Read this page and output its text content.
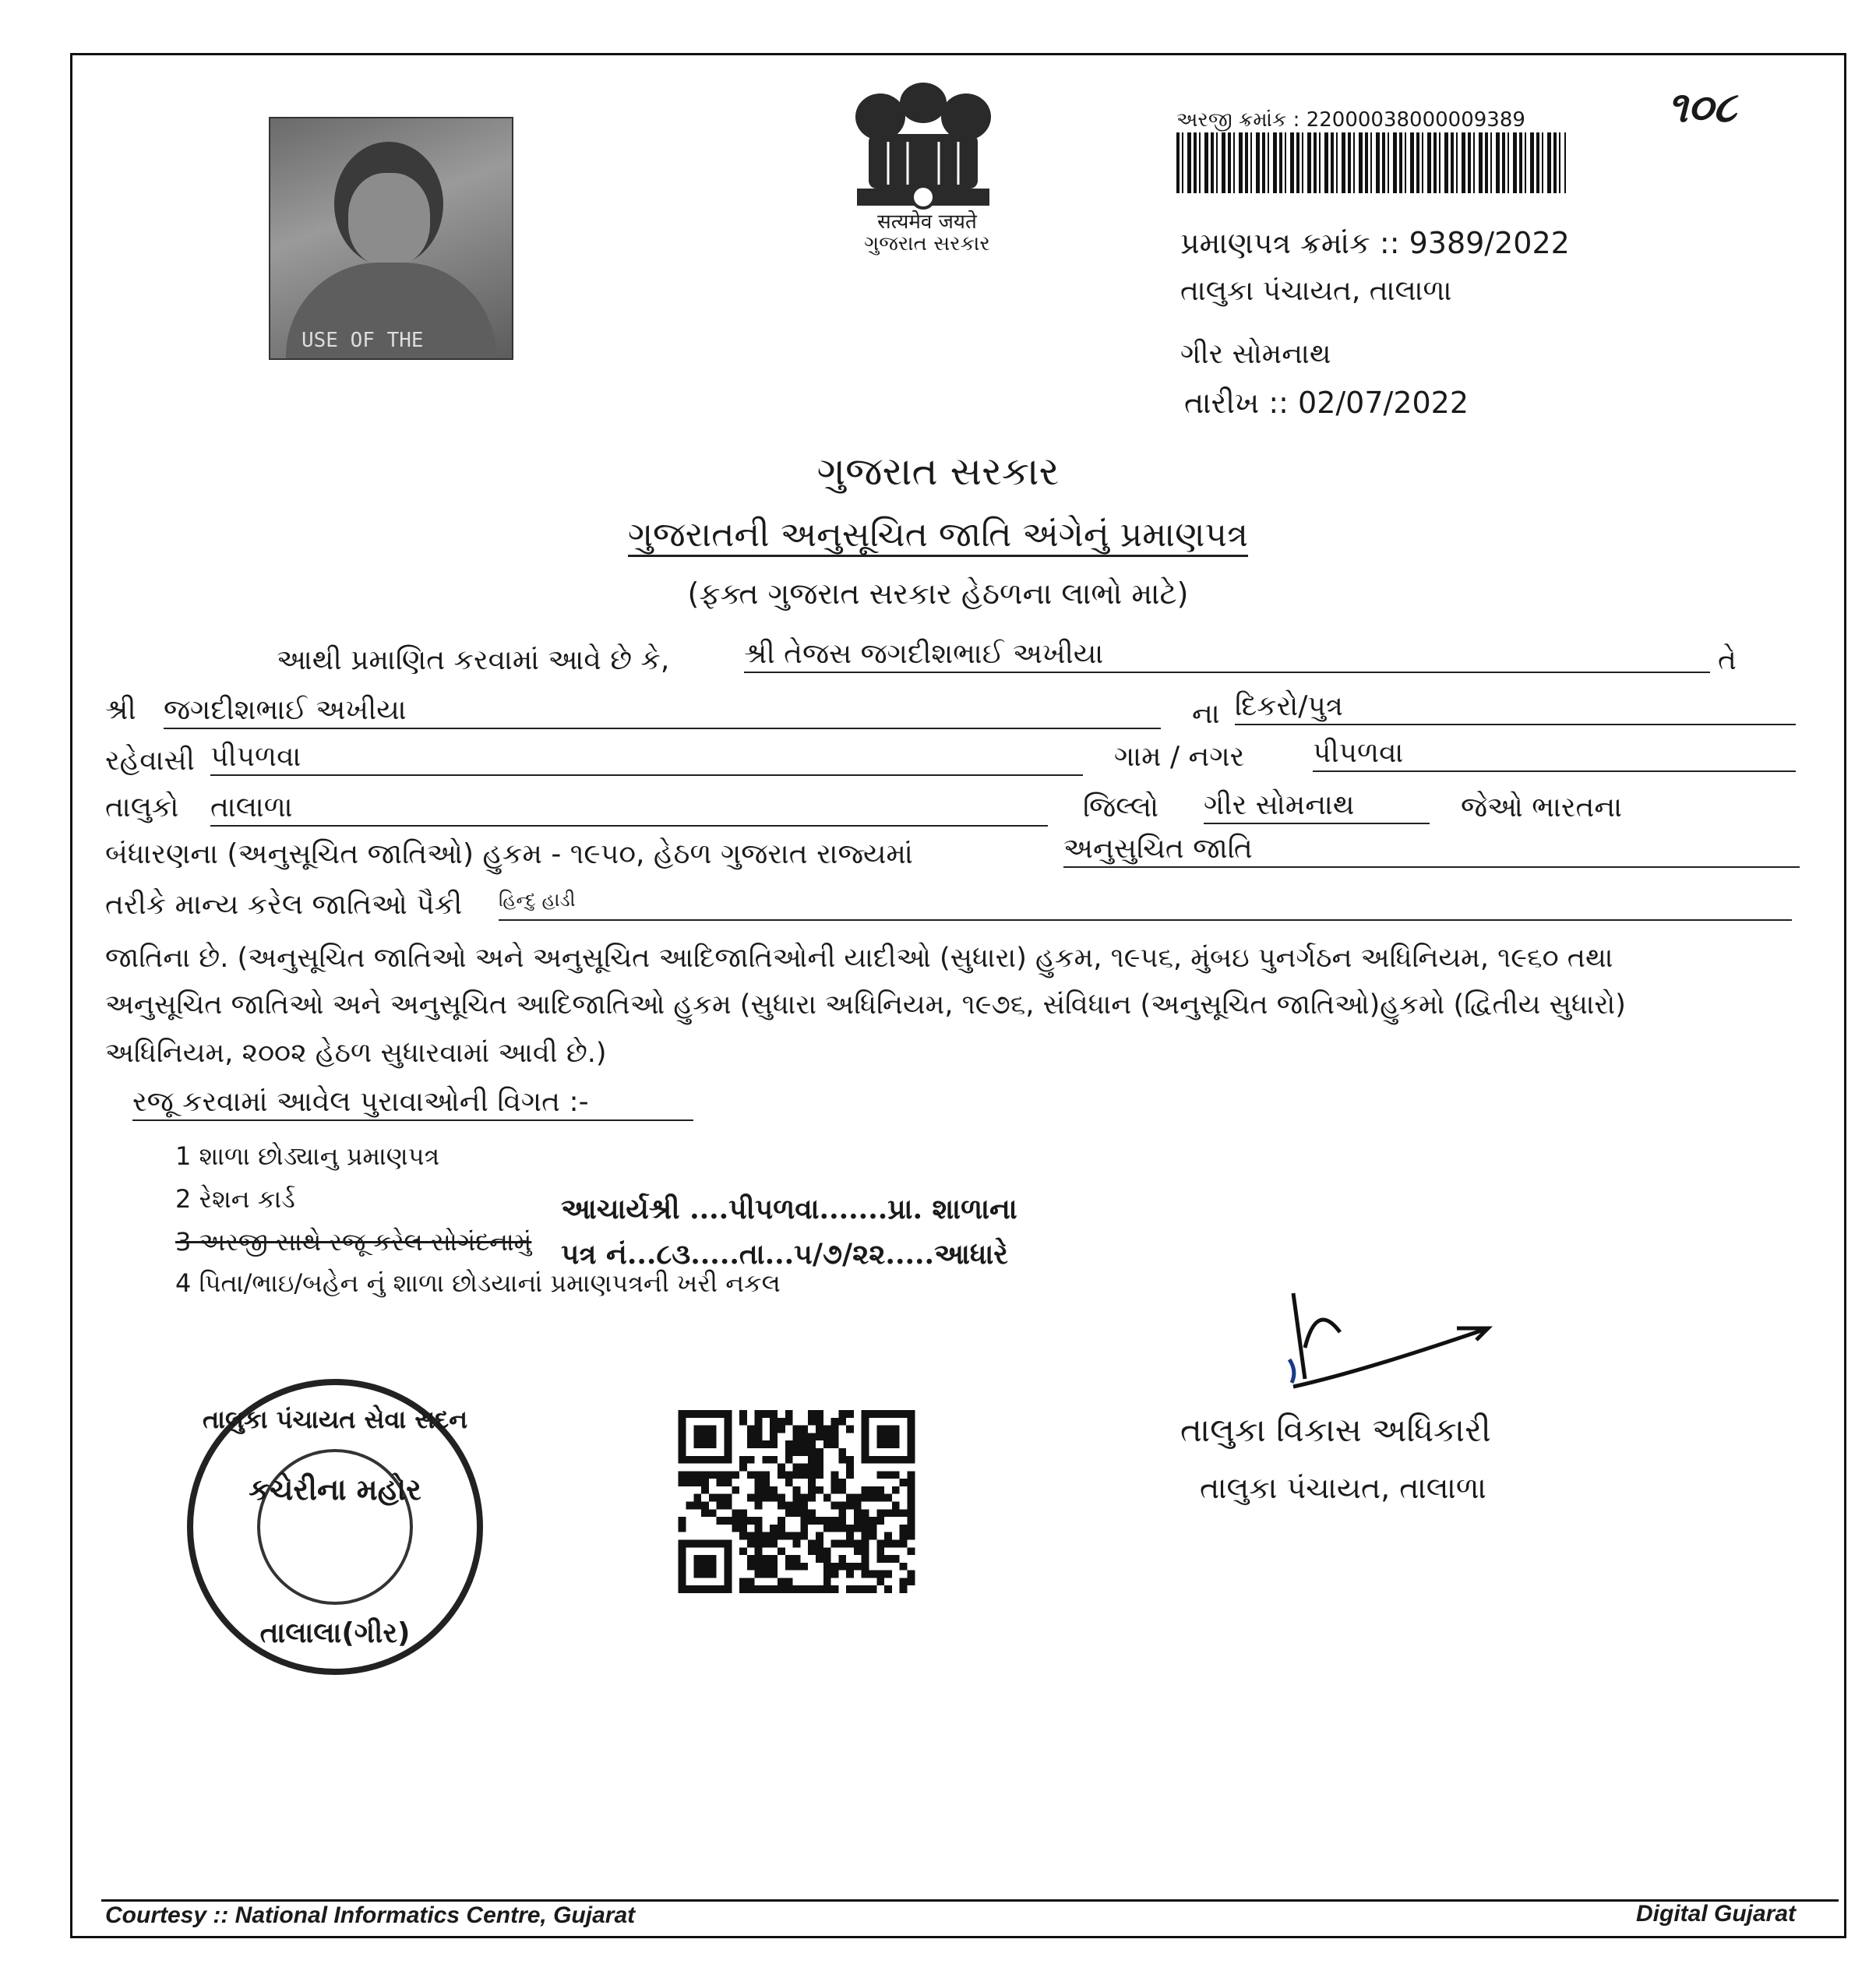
USE OF THE
सत्यमेव जयते
ગુજરાત સરકાર
અરજી ક્રમાંક : 22000038000009389	૧૦૮
પ્રમાણપત્ર ક્રમાંક :: 9389/2022
તાલુકા પંચાયત, તાલાળા
ગીર સોમનાથ
તારીખ :: 02/07/2022
ગુજરાત સરકાર
ગુજરાતની અનુસૂચિત જાતિ અંગેનું પ્રમાણપત્ર
(ફક્ત ગુજરાત સરકાર હેઠળના લાભો માટે)
આથી પ્રમાણિત કરવામાં આવે છે કે,	શ્રી તેજસ જગદીશભાઈ અખીયા	તે
શ્રી જગદીશભાઈ અખીયા	ના દિકરો/પુત્ર
રહેવાસી પીપળવા	ગામ / નગર પીપળવા
તાલુકો તાલાળા	જિલ્લો ગીર સોમનાથ	જેઓ ભારતના
બંધારણના (અનુસૂચિત જાતિઓ) હુકમ - ૧૯૫૦, હેઠળ ગુજરાત રાજ્યમાં	અનુસુચિત જાતિ
તરીકે માન્ય કરેલ જાતિઓ પૈકી હિન્દુ હાડી
જાતિના છે. (અનુસૂચિત જાતિઓ અને અનુસૂચિત આદિજાતિઓની યાદીઓ (સુધારા) હુકમ, ૧૯૫૬, મુંબઇ પુનર્ગઠન અધિનિયમ, ૧૯૬૦ તથા
અનુસૂચિત જાતિઓ અને અનુસૂચિત આદિજાતિઓ હુકમ (સુધારા અધિનિયમ, ૧૯૭૬, સંવિધાન (અનુસૂચિત જાતિઓ)હુકમો (દ્વિતીય સુધારો)
અધિનિયમ, ૨૦૦૨ હેઠળ સુધારવામાં આવી છે.)
રજૂ કરવામાં આવેલ પુરાવાઓની વિગત :-
1 શાળા છોડ્યાનુ પ્રમાણપત્ર
2 રેશન કાર્ડ
3 અરજી સાથે રજૂ કરેલ સોગંદનામું
4 પિતા/ભાઇ/બહેન નું શાળા છોડયાનાં પ્રમાણપત્રની ખરી નકલ
આચાર્યશ્રી ....પીપળવા.......પ્રા. શાળાના
પત્ર નં...૮૩.....તા...૫/૭/૨૨.....આધારે
તાલુકા પંચાયત સેવા સદન
કચેરીના મહોર
તાલાલા(ગીર)
તાલુકા વિકાસ અધિકારી
તાલુકા પંચાયત, તાલાળા
Courtesy :: National Informatics Centre, Gujarat	Digital Gujarat
